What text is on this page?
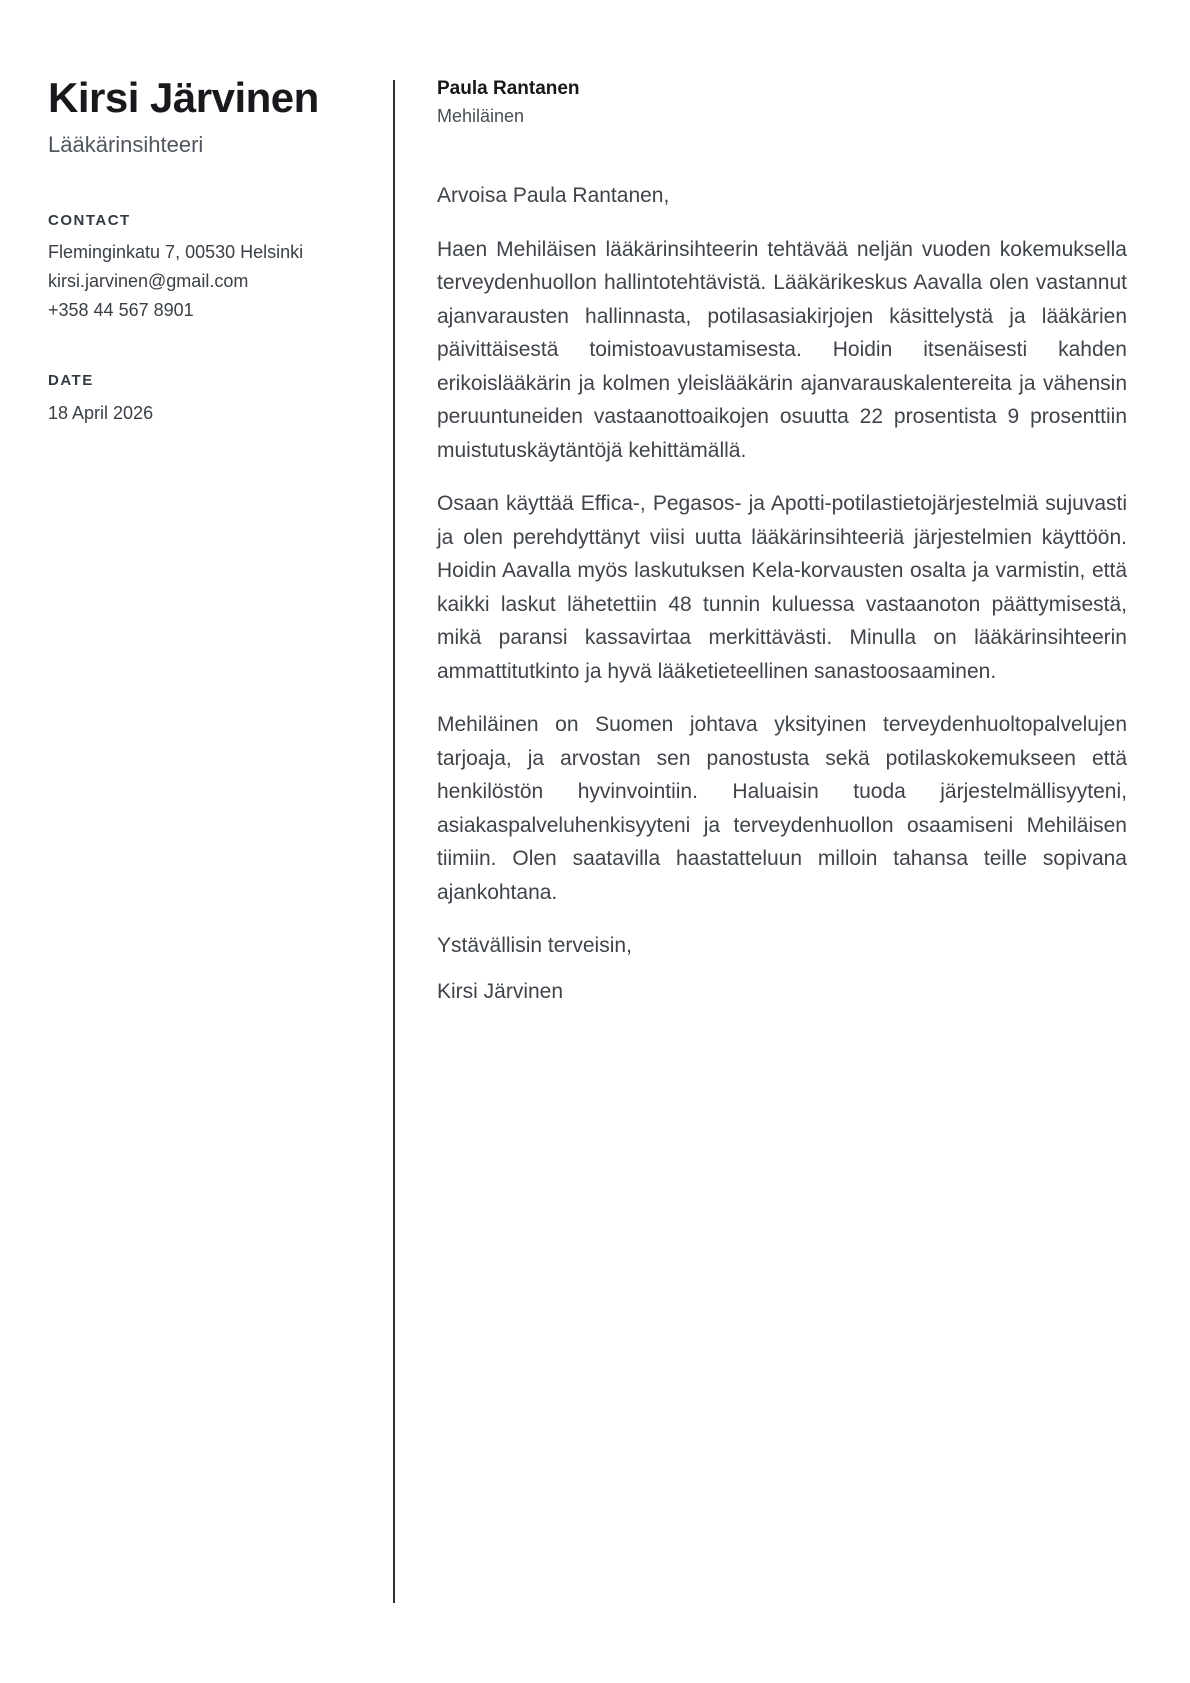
Kirsi Järvinen
Lääkärinsihteeri
CONTACT
Fleminginkatu 7, 00530 Helsinki
kirsi.jarvinen@gmail.com
+358 44 567 8901
DATE
18 April 2026
Paula Rantanen
Mehiläinen
Arvoisa Paula Rantanen,

Haen Mehiläisen lääkärinsihteerin tehtävää neljän vuoden kokemuksella terveydenhuollon hallintotehtävistä. Lääkärikeskus Aavalla olen vastannut ajanvarausten hallinnasta, potilasasiakirjojen käsittelystä ja lääkärien päivittäisestä toimistoavustamisesta. Hoidin itsenäisesti kahden erikoislääkärin ja kolmen yleislääkärin ajanvarauskalentereita ja vähensin peruuntuneiden vastaanottoaikojen osuutta 22 prosentista 9 prosenttiin muistutuskäytäntöjä kehittämällä.

Osaan käyttää Effica-, Pegasos- ja Apotti-potilastietojärjestelmiä sujuvasti ja olen perehdyttänyt viisi uutta lääkärinsihteeriä järjestelmien käyttöön. Hoidin Aavalla myös laskutuksen Kela-korvausten osalta ja varmistin, että kaikki laskut lähetettiin 48 tunnin kuluessa vastaanoton päättymisestä, mikä paransi kassavirtaa merkittävästi. Minulla on lääkärinsihteerin ammattitutkinto ja hyvä lääketieteellinen sanastoosaaminen.

Mehiläinen on Suomen johtava yksityinen terveydenhuoltopalvelujen tarjoaja, ja arvostan sen panostusta sekä potilaskokemukseen että henkilöstön hyvinvointiin. Haluaisin tuoda järjestelmällisyyteni, asiakaspalveluhenkisyyteni ja terveydenhuollon osaamiseni Mehiläisen tiimiin. Olen saatavilla haastatteluun milloin tahansa teille sopivana ajankohtana.

Ystävällisin terveisin,
Kirsi Järvinen
